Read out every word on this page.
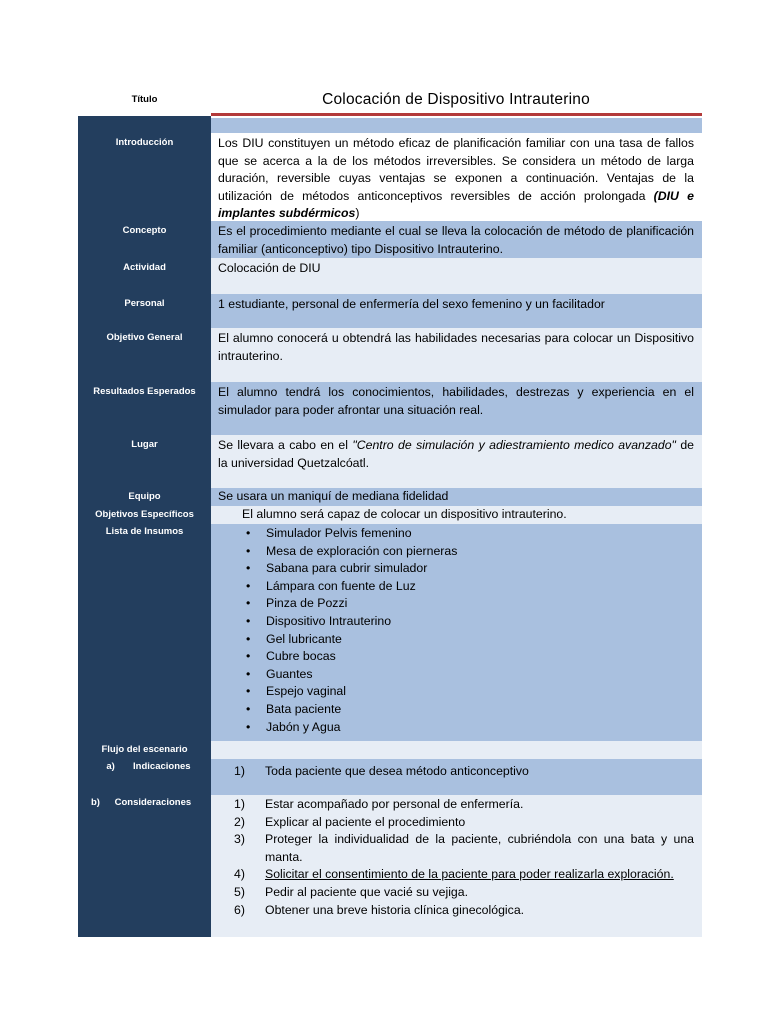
Título	Colocación de Dispositivo Intrauterino
Introducción	Los DIU constituyen un método eficaz de planificación familiar con una tasa de fallos que se acerca a la de los métodos irreversibles. Se considera un método de larga duración, reversible cuyas ventajas se exponen a continuación. Ventajas de la utilización de métodos anticonceptivos reversibles de acción prolongada (DIU e implantes subdérmicos)
Concepto	Es el procedimiento mediante el cual se lleva la colocación de método de planificación familiar (anticonceptivo) tipo Dispositivo Intrauterino.
Actividad	Colocación de DIU
Personal	1 estudiante, personal de enfermería del sexo femenino y un facilitador
Objetivo General	El alumno conocerá u obtendrá las habilidades necesarias para colocar un Dispositivo intrauterino.
Resultados Esperados	El alumno tendrá los conocimientos, habilidades, destrezas y experiencia en el simulador para poder afrontar una situación real.
Lugar	Se llevara a cabo en el "Centro de simulación y adiestramiento medico avanzado" de la universidad Quetzalcóatl.
Equipo	Se usara un maniquí de mediana fidelidad
Objetivos Específicos	El alumno será capaz de colocar un dispositivo intrauterino.
Lista de Insumos
•	Simulador Pelvis femenino
• Mesa de exploración con pierneras
• Sabana para cubrir simulador
• Lámpara con fuente de Luz
• Pinza de Pozzi
• Dispositivo Intrauterino
• Gel lubricante
• Cubre bocas
• Guantes
• Espejo vaginal
• Bata paciente
• Jabón y Agua
Flujo del escenario
a) Indicaciones	1) Toda paciente que desea método anticonceptivo
b) Consideraciones	1) Estar acompañado por personal de enfermería.
2) Explicar al paciente el procedimiento
3) Proteger la individualidad de la paciente, cubriéndola con una bata y una manta.
4) Solicitar el consentimiento de la paciente para poder realizarla exploración.
5) Pedir al paciente que vacié su vejiga.
6) Obtener una breve historia clínica ginecológica.
